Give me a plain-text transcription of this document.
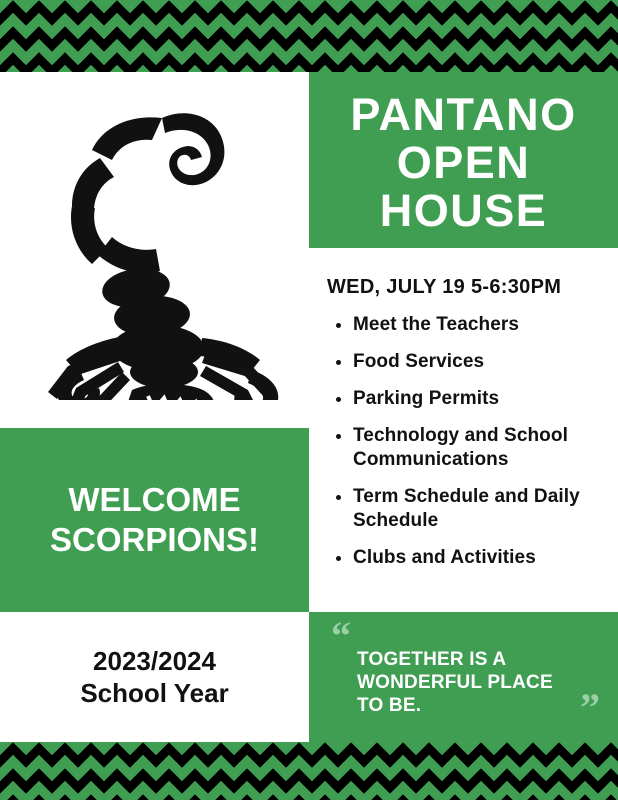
PANTANO
OPEN
HOUSE
WED, JULY 19 5-6:30PM
• Meet the Teachers
• Food Services
• Parking Permits
• Technology and School Communications
• Term Schedule and Daily Schedule
• Clubs and Activities
WELCOME
SCORPIONS!
2023/2024
School Year
“
TOGETHER IS A WONDERFUL PLACE TO BE.	”
